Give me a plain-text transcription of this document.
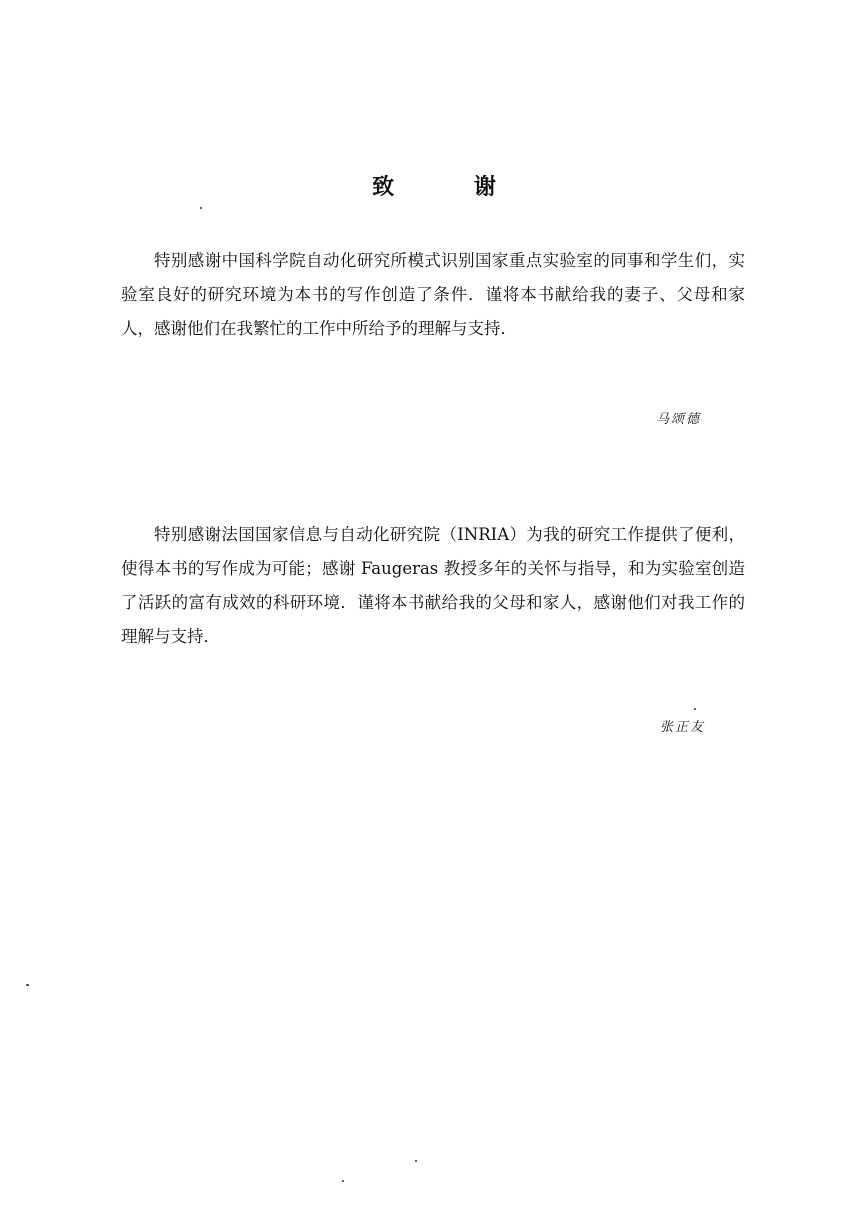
致 谢

特别感谢中国科学院自动化研究所模式识别国家重点实验室的同事和学生们，实验室良好的研究环境为本书的写作创造了条件．谨将本书献给我的妻子、父母和家人，感谢他们在我繁忙的工作中所给予的理解与支持．

马颂德

特别感谢法国国家信息与自动化研究院（INRIA）为我的研究工作提供了便利，使得本书的写作成为可能；感谢 Faugeras 教授多年的关怀与指导，和为实验室创造了活跃的富有成效的科研环境．谨将本书献给我的父母和家人，感谢他们对我工作的理解与支持．

张正友
